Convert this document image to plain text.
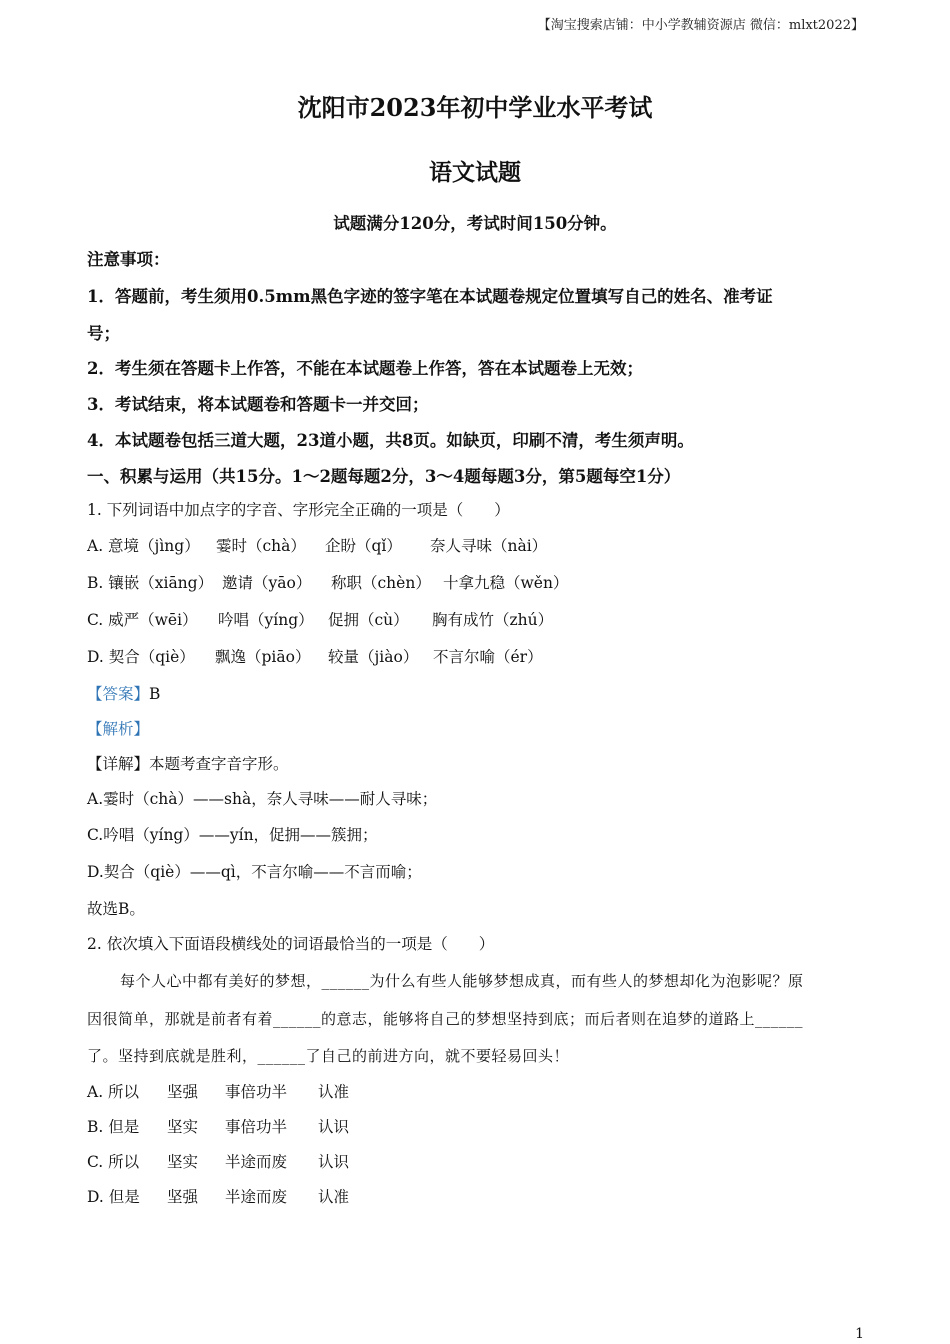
【淘宝搜索店铺：中小学教辅资源店 微信：mlxt2022】
沈阳市2023年初中学业水平考试
语文试题
试题满分120分，考试时间150分钟。
注意事项：
1．答题前，考生须用0.5mm黑色字迹的签字笔在本试题卷规定位置填写自己的姓名、准考证
号；
2．考生须在答题卡上作答，不能在本试题卷上作答，答在本试题卷上无效；
3．考试结束，将本试题卷和答题卡一并交回；
4．本试题卷包括三道大题，23道小题，共8页。如缺页，印刷不清，考生须声明。
一、积累与运用（共15分。1～2题每题2分，3～4题每题3分，第5题每空1分）
1. 下列词语中加点字的字音、字形完全正确的一项是（　　）
A. 意境（jìng） 霎时（chà） 企盼（qǐ） 奈人寻味（nài）
B. 镶嵌（xiāng） 邀请（yāo） 称职（chèn） 十拿九稳（wěn）
C. 威严（wēi） 吟唱（yíng） 促拥（cù） 胸有成竹（zhú）
D. 契合（qiè） 飘逸（piāo） 较量（jiào） 不言尔喻（ér）
【答案】B
【解析】
【详解】本题考查字音字形。
A.霎时（chà）——shà，奈人寻味——耐人寻味；
C.吟唱（yíng）——yín，促拥——簇拥；
D.契合（qiè）——qì，不言尔喻——不言而喻；
故选B。
2. 依次填入下面语段横线处的词语最恰当的一项是（　　）
每个人心中都有美好的梦想，______为什么有些人能够梦想成真，而有些人的梦想却化为泡影呢？原
因很简单，那就是前者有着______的意志，能够将自己的梦想坚持到底；而后者则在追梦的道路上______
了。坚持到底就是胜利，______了自己的前进方向，就不要轻易回头！
A. 所以 坚强 事倍功半 认准
B. 但是 坚实 事倍功半 认识
C. 所以 坚实 半途而废 认识
D. 但是 坚强 半途而废 认准
1
